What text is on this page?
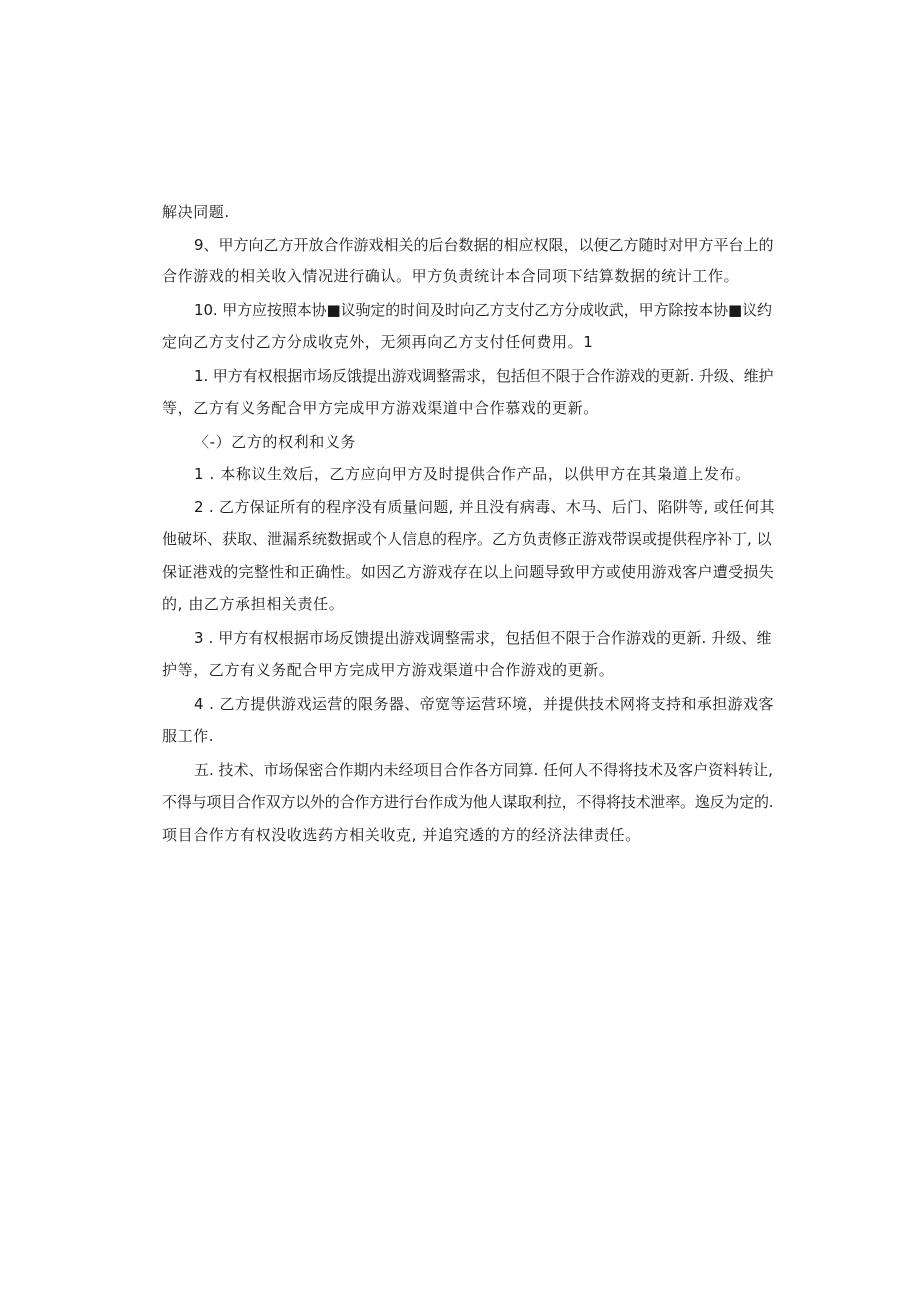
解决同题.

9、甲方向乙方开放合作游戏相关的后台数据的相应权限，以便乙方随时对甲方平台上的

合作游戏的相关收入情况进行确认。甲方负责统计本合同项下结算数据的统计工作。

10. 甲方应按照本协■议驹定的时间及时向乙方支付乙方分成收武，甲方除按本协■议约

定向乙方支付乙方分成收克外，无须再向乙方支付任何费用。1

1. 甲方有权根据市场反饿提出游戏调整需求，包括但不限于合作游戏的更新. 升级、维护

等，乙方有义务配合甲方完成甲方游戏渠道中合作慕戏的更新。

〈-）乙方的权利和义务

1 . 本称议生效后，乙方应向甲方及时提供合作产品，以供甲方在其枭道上发布。

2 . 乙方保证所有的程序没有质量问题, 并且没有病毒、木马、后门、陷阱等, 或任何其

他破坏、获取、泄漏系统数据或个人信息的程序。乙方负责修正游戏带误或提供程序补丁, 以

保证港戏的完整性和正确性。如因乙方游戏存在以上问题导致甲方或使用游戏客户遭受损失

的, 由乙方承担相关责任。

3 . 甲方有权根据市场反馈提出游戏调整需求，包括但不限于合作游戏的更新. 升级、维

护等，乙方有义务配合甲方完成甲方游戏渠道中合作游戏的更新。

4 . 乙方提供游戏运营的限务器、帝宽等运营环境，并提供技术网将支持和承担游戏客

服工作.

五. 技术、市场保密合作期内未经项目合作各方同算. 任何人不得将技术及客户资料转让,

不得与项目合作双方以外的合作方进行台作成为他人谋取利拉，不得将技术泄率。逸反为定的.

项目合作方有权没收选药方相关收克, 并追究透的方的经济法律责任。
